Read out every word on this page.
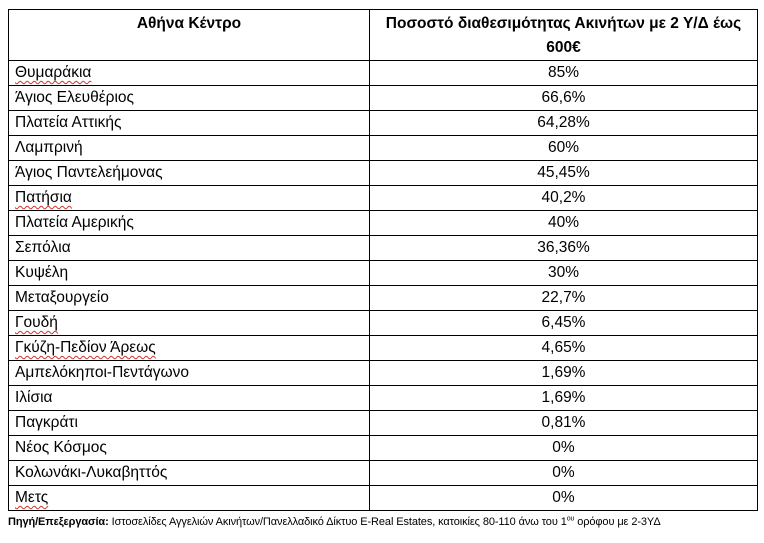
Αθήνα Κέντρο	Ποσοστό διαθεσιμότητας Ακινήτων με 2 Υ/Δ έως 600€
Θυμαράκια	85%
Άγιος Ελευθέριος	66,6%
Πλατεία Αττικής	64,28%
Λαμπρινή	60%
Άγιος Παντελεήμονας	45,45%
Πατήσια	40,2%
Πλατεία Αμερικής	40%
Σεπόλια	36,36%
Κυψέλη	30%
Μεταξουργείο	22,7%
Γουδή	6,45%
Γκύζη-Πεδίον Άρεως	4,65%
Αμπελόκηποι-Πεντάγωνο	1,69%
Ιλίσια	1,69%
Παγκράτι	0,81%
Νέος Κόσμος	0%
Κολωνάκι-Λυκαβηττός	0%
Μετς	0%
Πηγή/Επεξεργασία: Ιστοσελίδες Αγγελιών Ακινήτων/Πανελλαδικό Δίκτυο E-Real Estates, κατοικίες 80-110 άνω του $1^{o\upsilon}$ ορόφου με 2-3ΥΔ
